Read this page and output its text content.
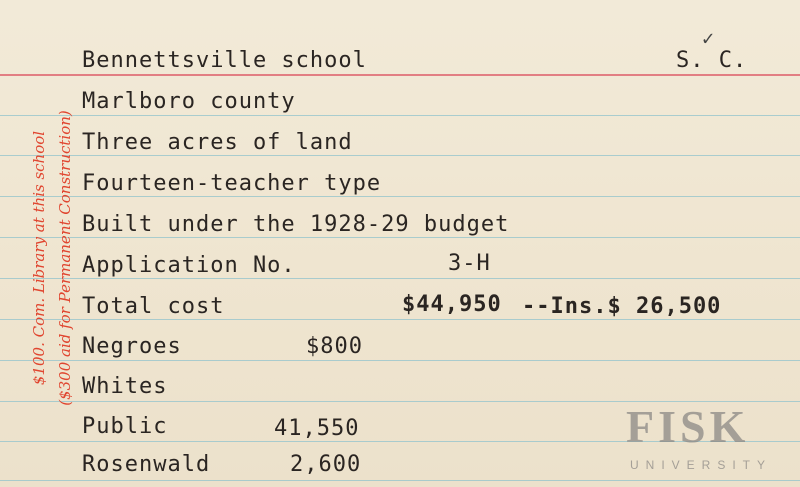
Bennettsville school	S. C.
✓
Marlboro county
Three acres of land
Fourteen-teacher type
Built under the 1928-29 budget
Application No.	3-H
Total cost	$44,950 --Ins.$ 26,500
Negroes	$800
Whites
Public	41,550
Rosenwald	2,600
$100. Com. Library at this school ($300 aid for Permanent Construction)
FISK
UNIVERSITY
